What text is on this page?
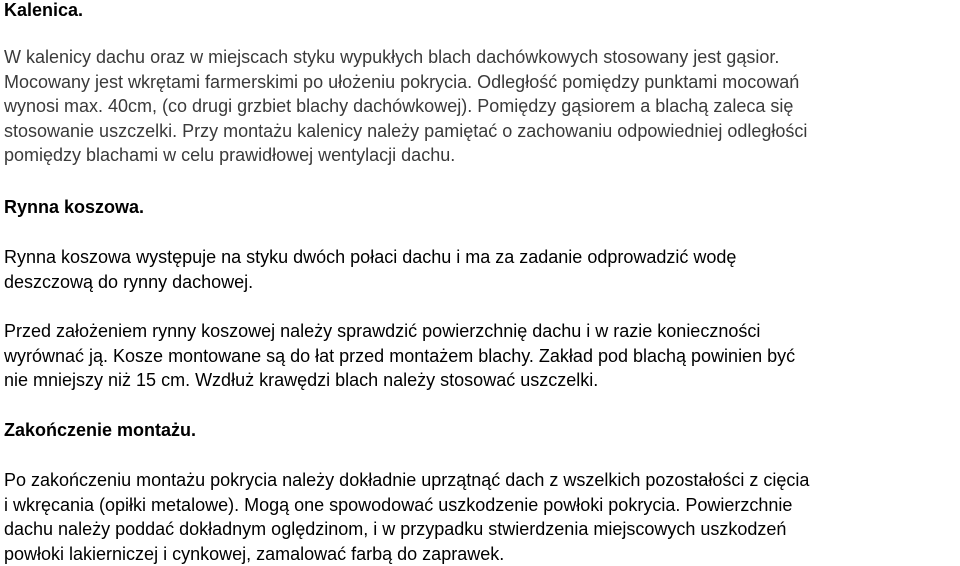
Kalenica.
W kalenicy dachu oraz w miejscach styku wypukłych blach dachówkowych stosowany jest gąsior.
Mocowany jest wkrętami farmerskimi po ułożeniu pokrycia. Odległość pomiędzy punktami mocowań
wynosi max. 40cm, (co drugi grzbiet blachy dachówkowej). Pomiędzy gąsiorem a blachą zaleca się
stosowanie uszczelki. Przy montażu kalenicy należy pamiętać o zachowaniu odpowiedniej odległości
pomiędzy blachami w celu prawidłowej wentylacji dachu.
Rynna koszowa.
Rynna koszowa występuje na styku dwóch połaci dachu i ma za zadanie odprowadzić wodę
deszczową do rynny dachowej.
Przed założeniem rynny koszowej należy sprawdzić powierzchnię dachu i w razie konieczności
wyrównać ją. Kosze montowane są do łat przed montażem blachy. Zakład pod blachą powinien być
nie mniejszy niż 15 cm. Wzdłuż krawędzi blach należy stosować uszczelki.
Zakończenie montażu.
Po zakończeniu montażu pokrycia należy dokładnie uprzątnąć dach z wszelkich pozostałości z cięcia
i wkręcania (opiłki metalowe). Mogą one spowodować uszkodzenie powłoki pokrycia. Powierzchnie
dachu należy poddać dokładnym oględzinom, i w przypadku stwierdzenia miejscowych uszkodzeń
powłoki lakierniczej i cynkowej, zamalować farbą do zaprawek.
